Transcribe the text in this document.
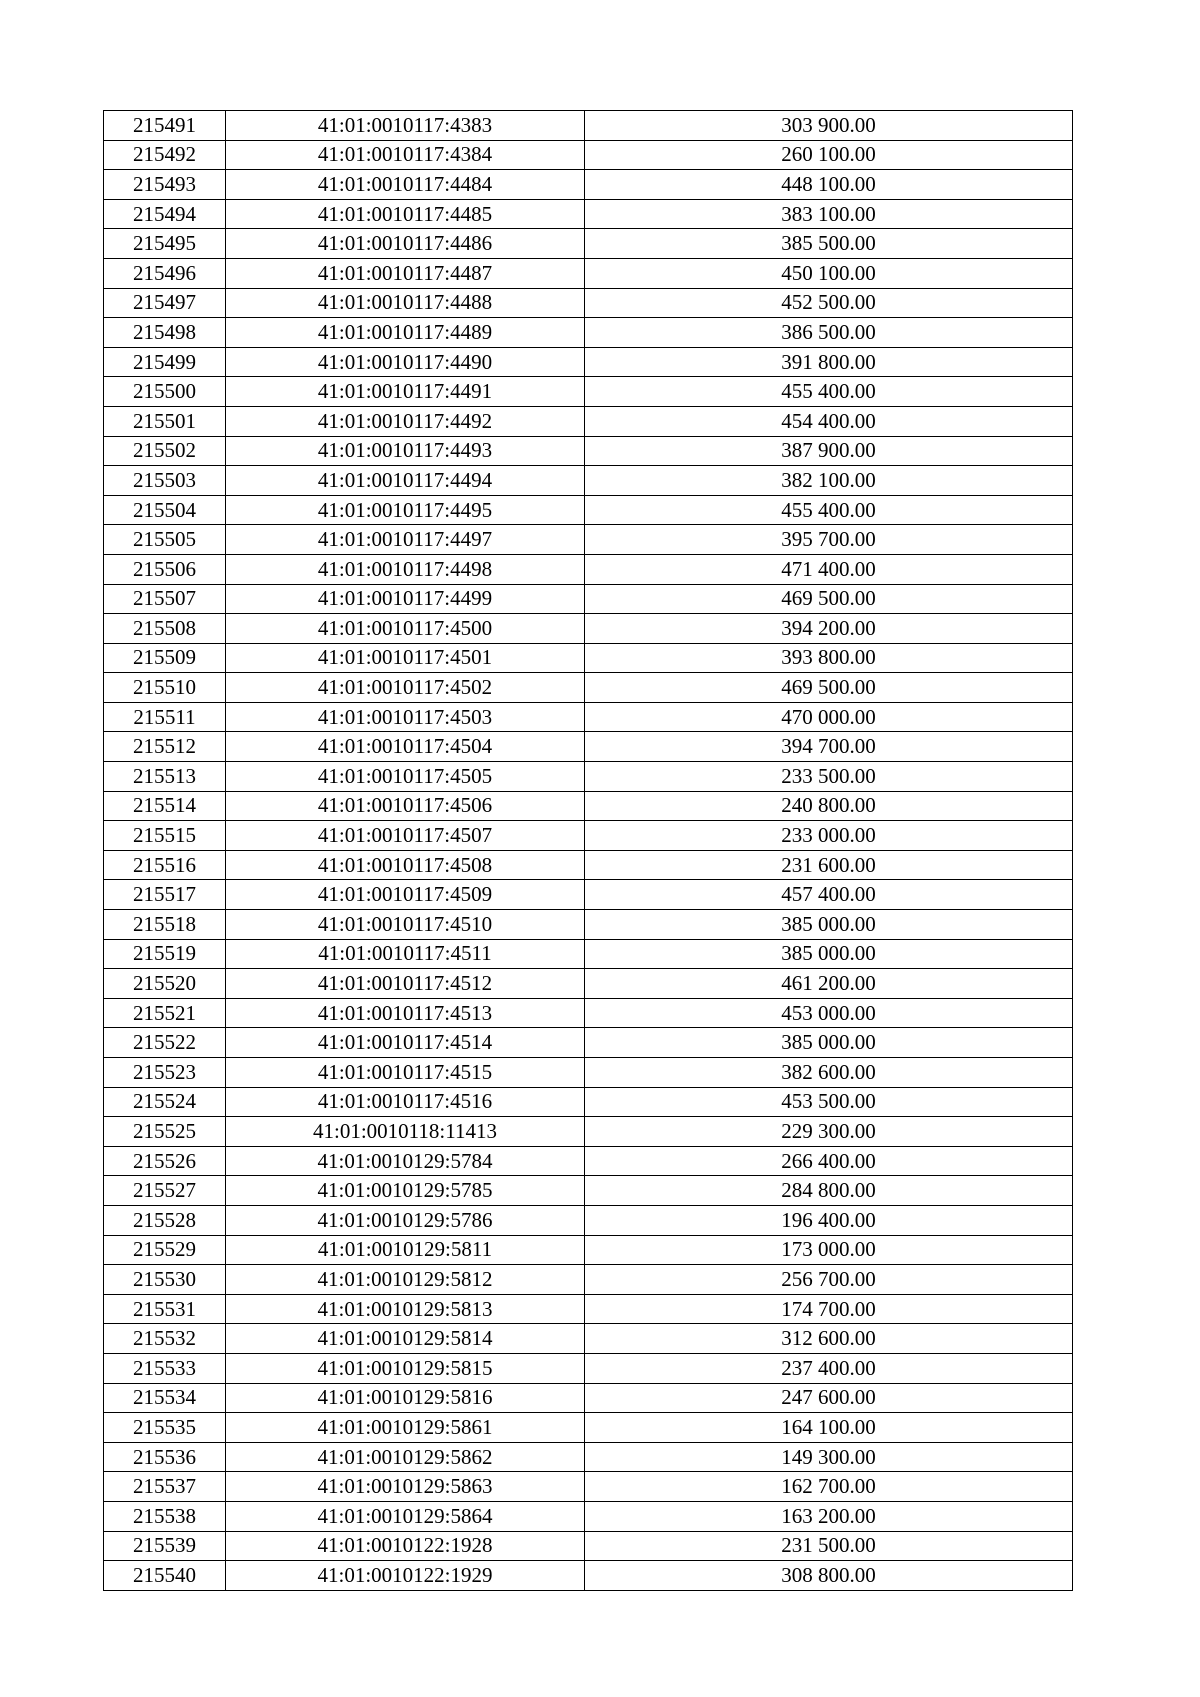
215491	41:01:0010117:4383	303 900.00
215492	41:01:0010117:4384	260 100.00
215493	41:01:0010117:4484	448 100.00
215494	41:01:0010117:4485	383 100.00
215495	41:01:0010117:4486	385 500.00
215496	41:01:0010117:4487	450 100.00
215497	41:01:0010117:4488	452 500.00
215498	41:01:0010117:4489	386 500.00
215499	41:01:0010117:4490	391 800.00
215500	41:01:0010117:4491	455 400.00
215501	41:01:0010117:4492	454 400.00
215502	41:01:0010117:4493	387 900.00
215503	41:01:0010117:4494	382 100.00
215504	41:01:0010117:4495	455 400.00
215505	41:01:0010117:4497	395 700.00
215506	41:01:0010117:4498	471 400.00
215507	41:01:0010117:4499	469 500.00
215508	41:01:0010117:4500	394 200.00
215509	41:01:0010117:4501	393 800.00
215510	41:01:0010117:4502	469 500.00
215511	41:01:0010117:4503	470 000.00
215512	41:01:0010117:4504	394 700.00
215513	41:01:0010117:4505	233 500.00
215514	41:01:0010117:4506	240 800.00
215515	41:01:0010117:4507	233 000.00
215516	41:01:0010117:4508	231 600.00
215517	41:01:0010117:4509	457 400.00
215518	41:01:0010117:4510	385 000.00
215519	41:01:0010117:4511	385 000.00
215520	41:01:0010117:4512	461 200.00
215521	41:01:0010117:4513	453 000.00
215522	41:01:0010117:4514	385 000.00
215523	41:01:0010117:4515	382 600.00
215524	41:01:0010117:4516	453 500.00
215525	41:01:0010118:11413	229 300.00
215526	41:01:0010129:5784	266 400.00
215527	41:01:0010129:5785	284 800.00
215528	41:01:0010129:5786	196 400.00
215529	41:01:0010129:5811	173 000.00
215530	41:01:0010129:5812	256 700.00
215531	41:01:0010129:5813	174 700.00
215532	41:01:0010129:5814	312 600.00
215533	41:01:0010129:5815	237 400.00
215534	41:01:0010129:5816	247 600.00
215535	41:01:0010129:5861	164 100.00
215536	41:01:0010129:5862	149 300.00
215537	41:01:0010129:5863	162 700.00
215538	41:01:0010129:5864	163 200.00
215539	41:01:0010122:1928	231 500.00
215540	41:01:0010122:1929	308 800.00
